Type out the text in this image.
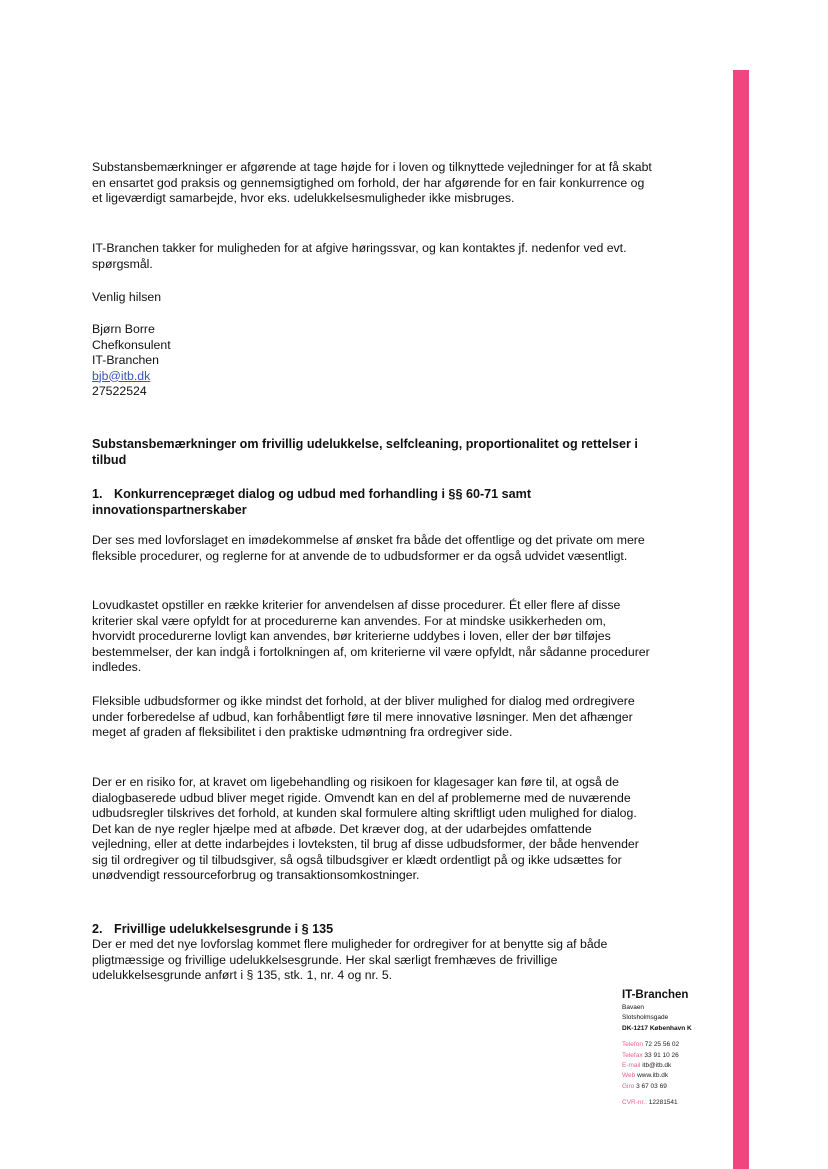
Substansbemærkninger er afgørende at tage højde for i loven og tilknyttede vejledninger for at få skabt en ensartet god praksis og gennemsigtighed om forhold, der har afgørende for en fair konkurrence og et ligeværdigt samarbejde, hvor eks. udelukkelsesmuligheder ikke misbruges.

IT-Branchen takker for muligheden for at afgive høringssvar, og kan kontaktes jf. nedenfor ved evt. spørgsmål.

Venlig hilsen

Bjørn Borre

Chefkonsulent

IT-Branchen

bjb@itb.dk

27522524

Substansbemærkninger om frivillig udelukkelse, selfcleaning, proportionalitet og rettelser i tilbud

1. Konkurrencepræget dialog og udbud med forhandling i §§ 60-71 samt innovationspartnerskaber

Der ses med lovforslaget en imødekommelse af ønsket fra både det offentlige og det private om mere fleksible procedurer, og reglerne for at anvende de to udbudsformer er da også udvidet væsentligt.

Lovudkastet opstiller en række kriterier for anvendelsen af disse procedurer. Ét eller flere af disse kriterier skal være opfyldt for at procedurerne kan anvendes. For at mindske usikkerheden om, hvorvidt procedurerne lovligt kan anvendes, bør kriterierne uddybes i loven, eller der bør tilføjes bestemmelser, der kan indgå i fortolkningen af, om kriterierne vil være opfyldt, når sådanne procedurer indledes.

Fleksible udbudsformer og ikke mindst det forhold, at der bliver mulighed for dialog med ordregivere under forberedelse af udbud, kan forhåbentligt føre til mere innovative løsninger. Men det afhænger meget af graden af fleksibilitet i den praktiske udmøntning fra ordregiver side.

Der er en risiko for, at kravet om ligebehandling og risikoen for klagesager kan føre til, at også de dialogbaserede udbud bliver meget rigide. Omvendt kan en del af problemerne med de nuværende udbudsregler tilskrives det forhold, at kunden skal formulere alting skriftligt uden mulighed for dialog. Det kan de nye regler hjælpe med at afbøde. Det kræver dog, at der udarbejdes omfattende vejledning, eller at dette indarbejdes i lovteksten, til brug af disse udbudsformer, der både henvender sig til ordregiver og til tilbudsgiver, så også tilbudsgiver er klædt ordentligt på og ikke udsættes for unødvendigt ressourceforbrug og transaktionsomkostninger.

2. Frivillige udelukkelsesgrunde i § 135

Der er med det nye lovforslag kommet flere muligheder for ordregiver for at benytte sig af både pligtmæssige og frivillige udelukkelsesgrunde. Her skal særligt fremhæves de frivillige udelukkelsesgrunde anført i § 135, stk. 1, nr. 4 og nr. 5.

IT-Branchen
Bavaen
Slotsholmsgade
DK-1217 København K
Telefon 72 25 56 02
Telefax 33 91 10 26
E-mail itb@itb.dk
Web www.itb.dk
Giro 3 67 03 69
CVR-nr.: 12281541
